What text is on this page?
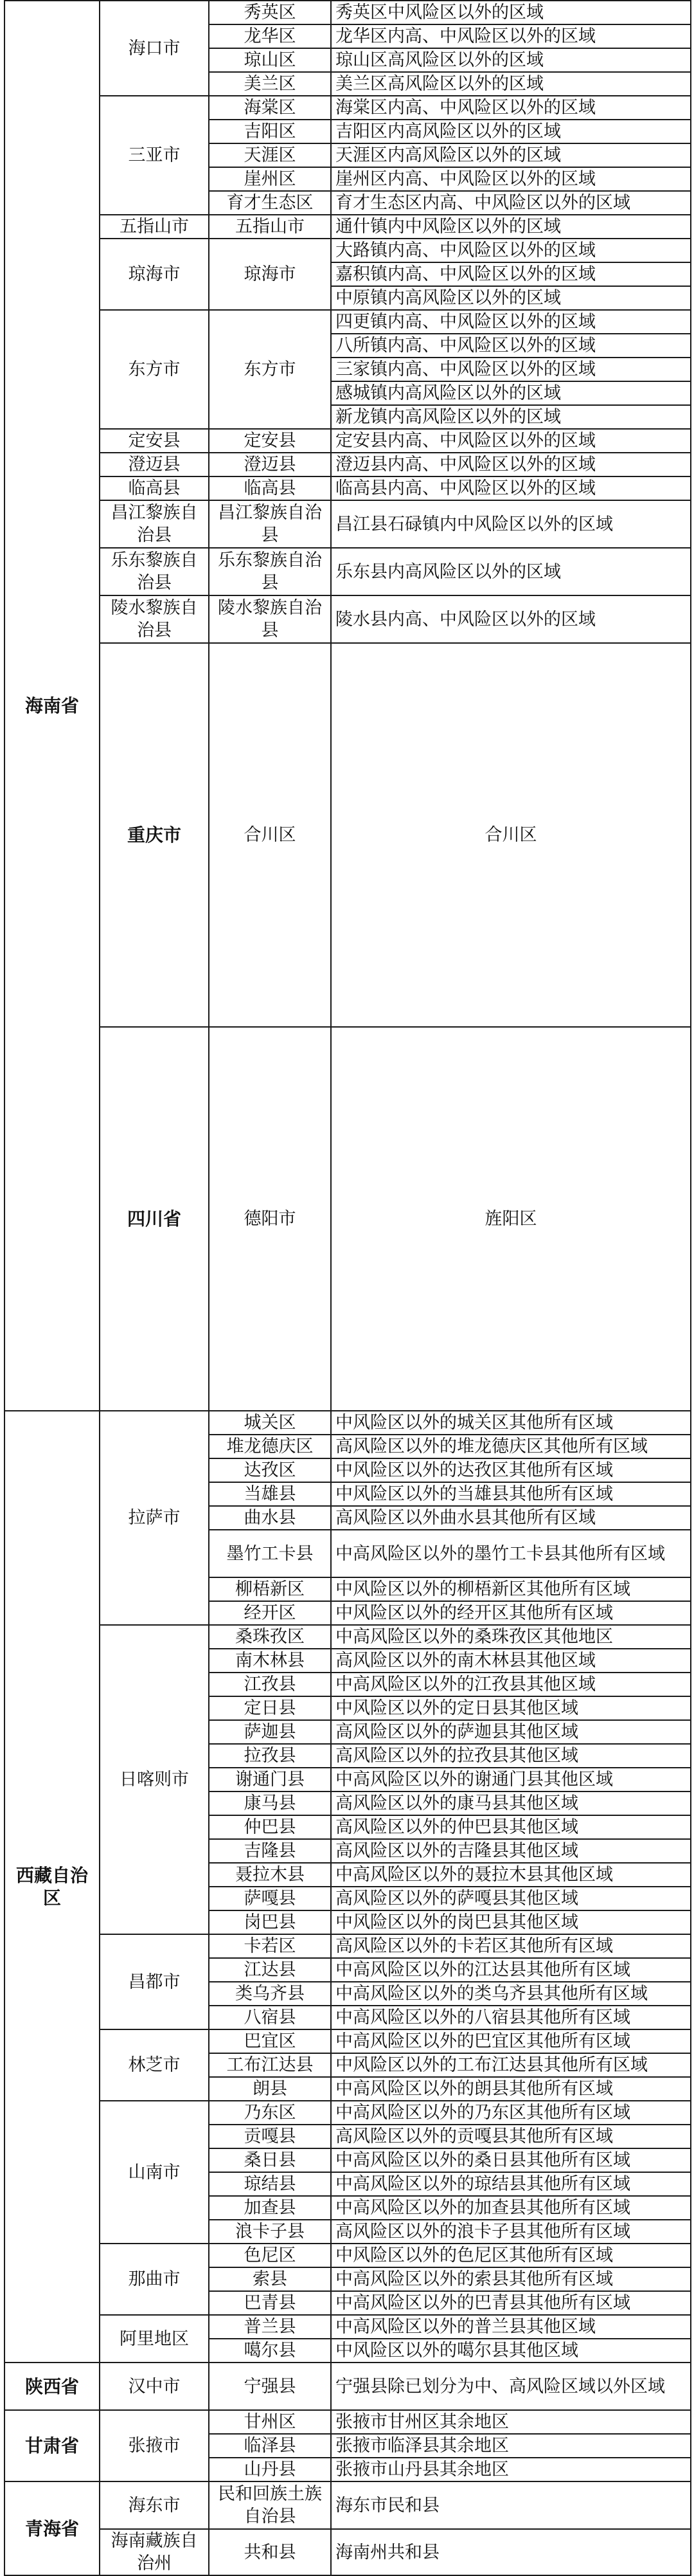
海南省	海口市	秀英区	秀英区中风险区以外的区域	
		龙华区	龙华区内高、中风险区以外的区域	
		琼山区	琼山区高风险区以外的区域	
		美兰区	美兰区高风险区以外的区域	
	三亚市	海棠区	海棠区内高、中风险区以外的区域	
		吉阳区	吉阳区内高风险区以外的区域	
		天涯区	天涯区内高风险区以外的区域	
		崖州区	崖州区内高、中风险区以外的区域	
		育才生态区	育才生态区内高、中风险区以外的区域	
	五指山市	五指山市	通什镇内中风险区以外的区域	
	琼海市	琼海市	大路镇内高、中风险区以外的区域	
			嘉积镇内高、中风险区以外的区域	
			中原镇内高风险区以外的区域	
	东方市	东方市	四更镇内高、中风险区以外的区域	
			八所镇内高、中风险区以外的区域	
			三家镇内高、中风险区以外的区域	
			感城镇内高风险区以外的区域	
			新龙镇内高风险区以外的区域	
	定安县	定安县	定安县内高、中风险区以外的区域	
	澄迈县	澄迈县	澄迈县内高、中风险区以外的区域	
	临高县	临高县	临高县内高、中风险区以外的区域	
	昌江黎族自治县	昌江黎族自治县	昌江县石碌镇内中风险区以外的区域	
	乐东黎族自治县	乐东黎族自治县	乐东县内高风险区以外的区域	
	陵水黎族自治县	陵水黎族自治县	陵水县内高、中风险区以外的区域	
	重庆市	合川区	合川区	
	四川省	德阳市	旌阳区	
西藏自治区	拉萨市	城关区	中风险区以外的城关区其他所有区域	
		堆龙德庆区	高风险区以外的堆龙德庆区其他所有区域	
		达孜区	中风险区以外的达孜区其他所有区域	
		当雄县	中风险区以外的当雄县其他所有区域	
		曲水县	高风险区以外曲水县其他所有区域	
		墨竹工卡县	中高风险区以外的墨竹工卡县其他所有区域	
		柳梧新区	中风险区以外的柳梧新区其他所有区域	
		经开区	中风险区以外的经开区其他所有区域	
	日喀则市	桑珠孜区	中高风险区以外的桑珠孜区其他地区	
		南木林县	高风险区以外的南木林县其他区域	
		江孜县	中高风险区以外的江孜县其他区域	
		定日县	中风险区以外的定日县其他区域	
		萨迦县	高风险区以外的萨迦县其他区域	
		拉孜县	高风险区以外的拉孜县其他区域	
		谢通门县	中高风险区以外的谢通门县其他区域	
		康马县	高风险区以外的康马县其他区域	
		仲巴县	高风险区以外的仲巴县其他区域	
		吉隆县	高风险区以外的吉隆县其他区域	
		聂拉木县	中高风险区以外的聂拉木县其他区域	
		萨嘎县	高风险区以外的萨嘎县其他区域	
		岗巴县	中风险区以外的岗巴县其他区域	
	昌都市	卡若区	高风险区以外的卡若区其他所有区域	
		江达县	中高风险区以外的江达县其他所有区域	
		类乌齐县	中高风险区以外的类乌齐县其他所有区域	
		八宿县	中高风险区以外的八宿县其他所有区域	
	林芝市	巴宜区	中高风险区以外的巴宜区其他所有区域	
		工布江达县	中风险区以外的工布江达县其他所有区域	
		朗县	中高风险区以外的朗县其他所有区域	
	山南市	乃东区	中高风险区以外的乃东区其他所有区域	
		贡嘎县	高风险区以外的贡嘎县其他所有区域	
		桑日县	中高风险区以外的桑日县其他所有区域	
		琼结县	中高风险区以外的琼结县其他所有区域	
		加查县	中高风险区以外的加查县其他所有区域	
		浪卡子县	高风险区以外的浪卡子县其他所有区域	
	那曲市	色尼区	中风险区以外的色尼区其他所有区域	
		索县	中高风险区以外的索县其他所有区域	
		巴青县	中高风险区以外的巴青县其他所有区域	
	阿里地区	普兰县	中高风险区以外的普兰县其他区域	
		噶尔县	中风险区以外的噶尔县其他区域	
陕西省	汉中市	宁强县	宁强县除已划分为中、高风险区域以外区域	
甘肃省	张掖市	甘州区	张掖市甘州区其余地区	
		临泽县	张掖市临泽县其余地区	
		山丹县	张掖市山丹县其余地区	
青海省	海东市	民和回族土族自治县	海东市民和县	
	海南藏族自治州	共和县	海南州共和县	
